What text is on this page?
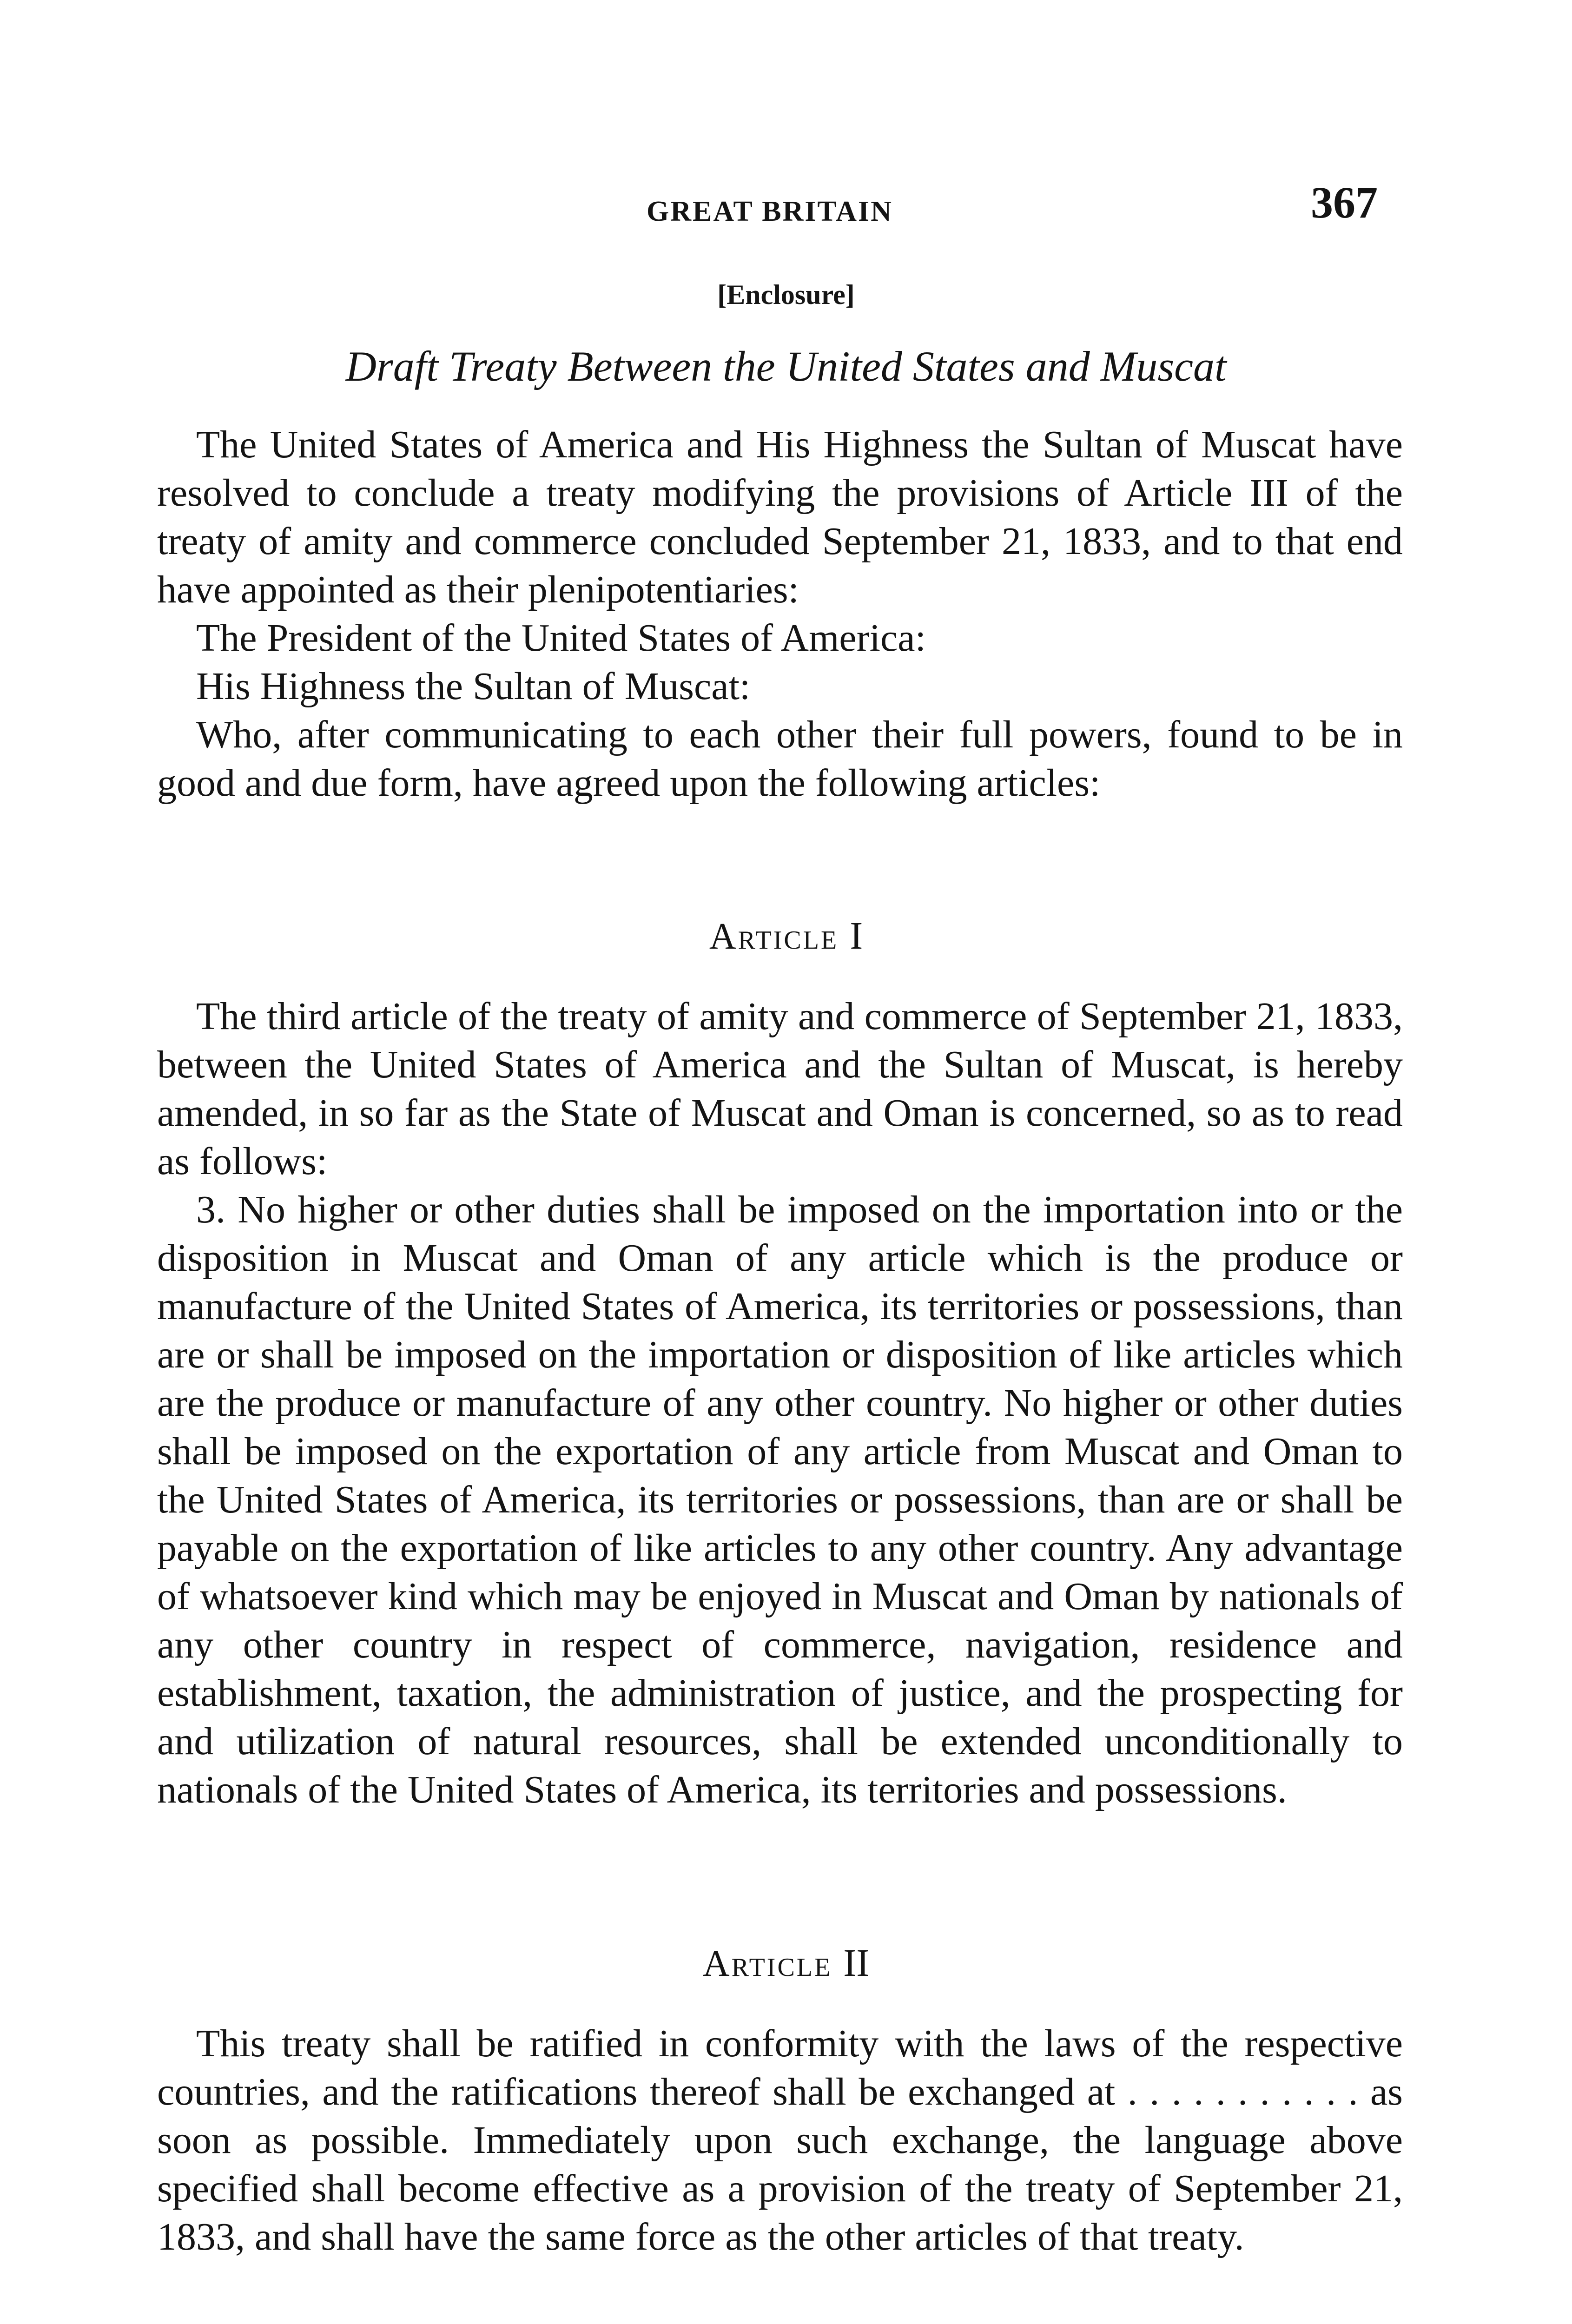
GREAT BRITAIN	367
[Enclosure]
Draft Treaty Between the United States and Muscat

The United States of America and His Highness the Sultan of Muscat have resolved to conclude a treaty modifying the provisions of Article III of the treaty of amity and commerce concluded September 21, 1833, and to that end have appointed as their plenipotentiaries:

The President of the United States of America:

His Highness the Sultan of Muscat:

Who, after communicating to each other their full powers, found to be in good and due form, have agreed upon the following articles:

Article I

The third article of the treaty of amity and commerce of September 21, 1833, between the United States of America and the Sultan of Muscat, is hereby amended, in so far as the State of Muscat and Oman is concerned, so as to read as follows:

3. No higher or other duties shall be imposed on the importation into or the disposition in Muscat and Oman of any article which is the produce or manufacture of the United States of America, its territories or possessions, than are or shall be imposed on the importation or disposition of like articles which are the produce or manufacture of any other country. No higher or other duties shall be imposed on the exportation of any article from Muscat and Oman to the United States of America, its territories or possessions, than are or shall be payable on the exportation of like articles to any other country. Any advantage of whatsoever kind which may be enjoyed in Muscat and Oman by nationals of any other country in respect of commerce, navigation, residence and establishment, taxation, the administration of justice, and the prospecting for and utilization of natural resources, shall be extended unconditionally to nationals of the United States of America, its territories and possessions.

Article II

This treaty shall be ratified in conformity with the laws of the respective countries, and the ratifications thereof shall be exchanged at . . . . . . . . . . . as soon as possible. Immediately upon such exchange, the language above specified shall become effective as a provision of the treaty of September 21, 1833, and shall have the same force as the other articles of that treaty.
